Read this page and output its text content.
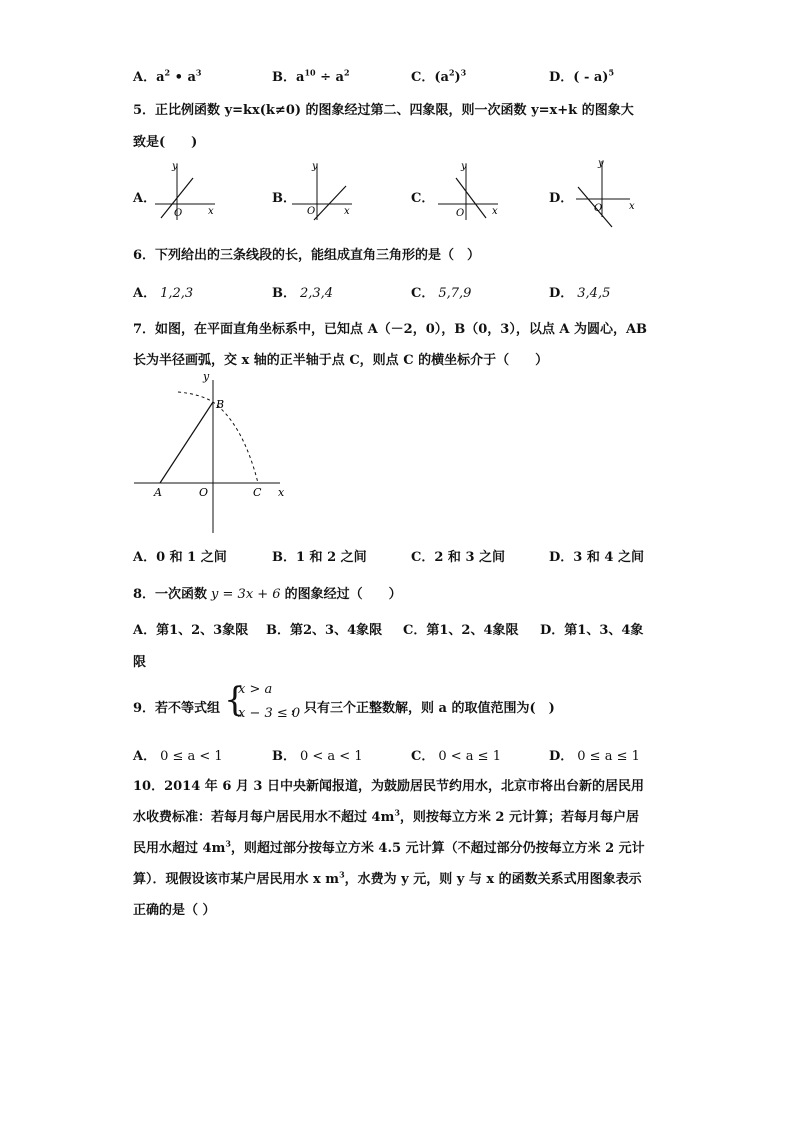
A．$a^2$ • $a^3$	B．$a^{10} \div a^2$	C．$(a^2)^3$	D．( - a)$^5$
5．正比例函数 y=kx(k≠0) 的图象经过第二、四象限，则一次函数 y=x+k 的图象大
致是(　　)
A．
y
x
O
B．
y
x
O
C．
y
x
O
D．
y
x
O
6．下列给出的三条线段的长，能组成直角三角形的是（　）
A． 1,2,3	B． 2,3,4	C． 5,7,9	D． 3,4,5
7．如图，在平面直角坐标系中，已知点 A（－2，0），B（0，3），以点 A 为圆心，AB
长为半径画弧，交 x 轴的正半轴于点 C，则点 C 的横坐标介于（　　）
y
B
A	O	C x
A．0 和 1 之间	B．1 和 2 之间	C．2 和 3 之间	D．3 和 4 之间
8．一次函数 y = 3x + 6 的图象经过（　　）
A．第1、2、3象限 B．第2、3、4象限 C．第1、2、4象限 D．第1、3、4象
限
9．若不等式组 {
x > a
x − 3 ≤ 0
，只有三个正整数解，则 a 的取值范围为(　)
A． 0 ≤ a < 1	B． 0 < a < 1	C． 0 < a ≤ 1	D． 0 ≤ a ≤ 1
10．2014 年 6 月 3 日中央新闻报道，为鼓励居民节约用水，北京市将出台新的居民用
水收费标准：若每月每户居民用水不超过 $4m^3$，则按每立方米 2 元计算；若每月每户居
民用水超过 $4m^3$，则超过部分按每立方米 4.5 元计算（不超过部分仍按每立方米 2 元计
算）．现假设该市某户居民用水 x $m^3$，水费为 y 元，则 y 与 x 的函数关系式用图象表示
正确的是（ ）
